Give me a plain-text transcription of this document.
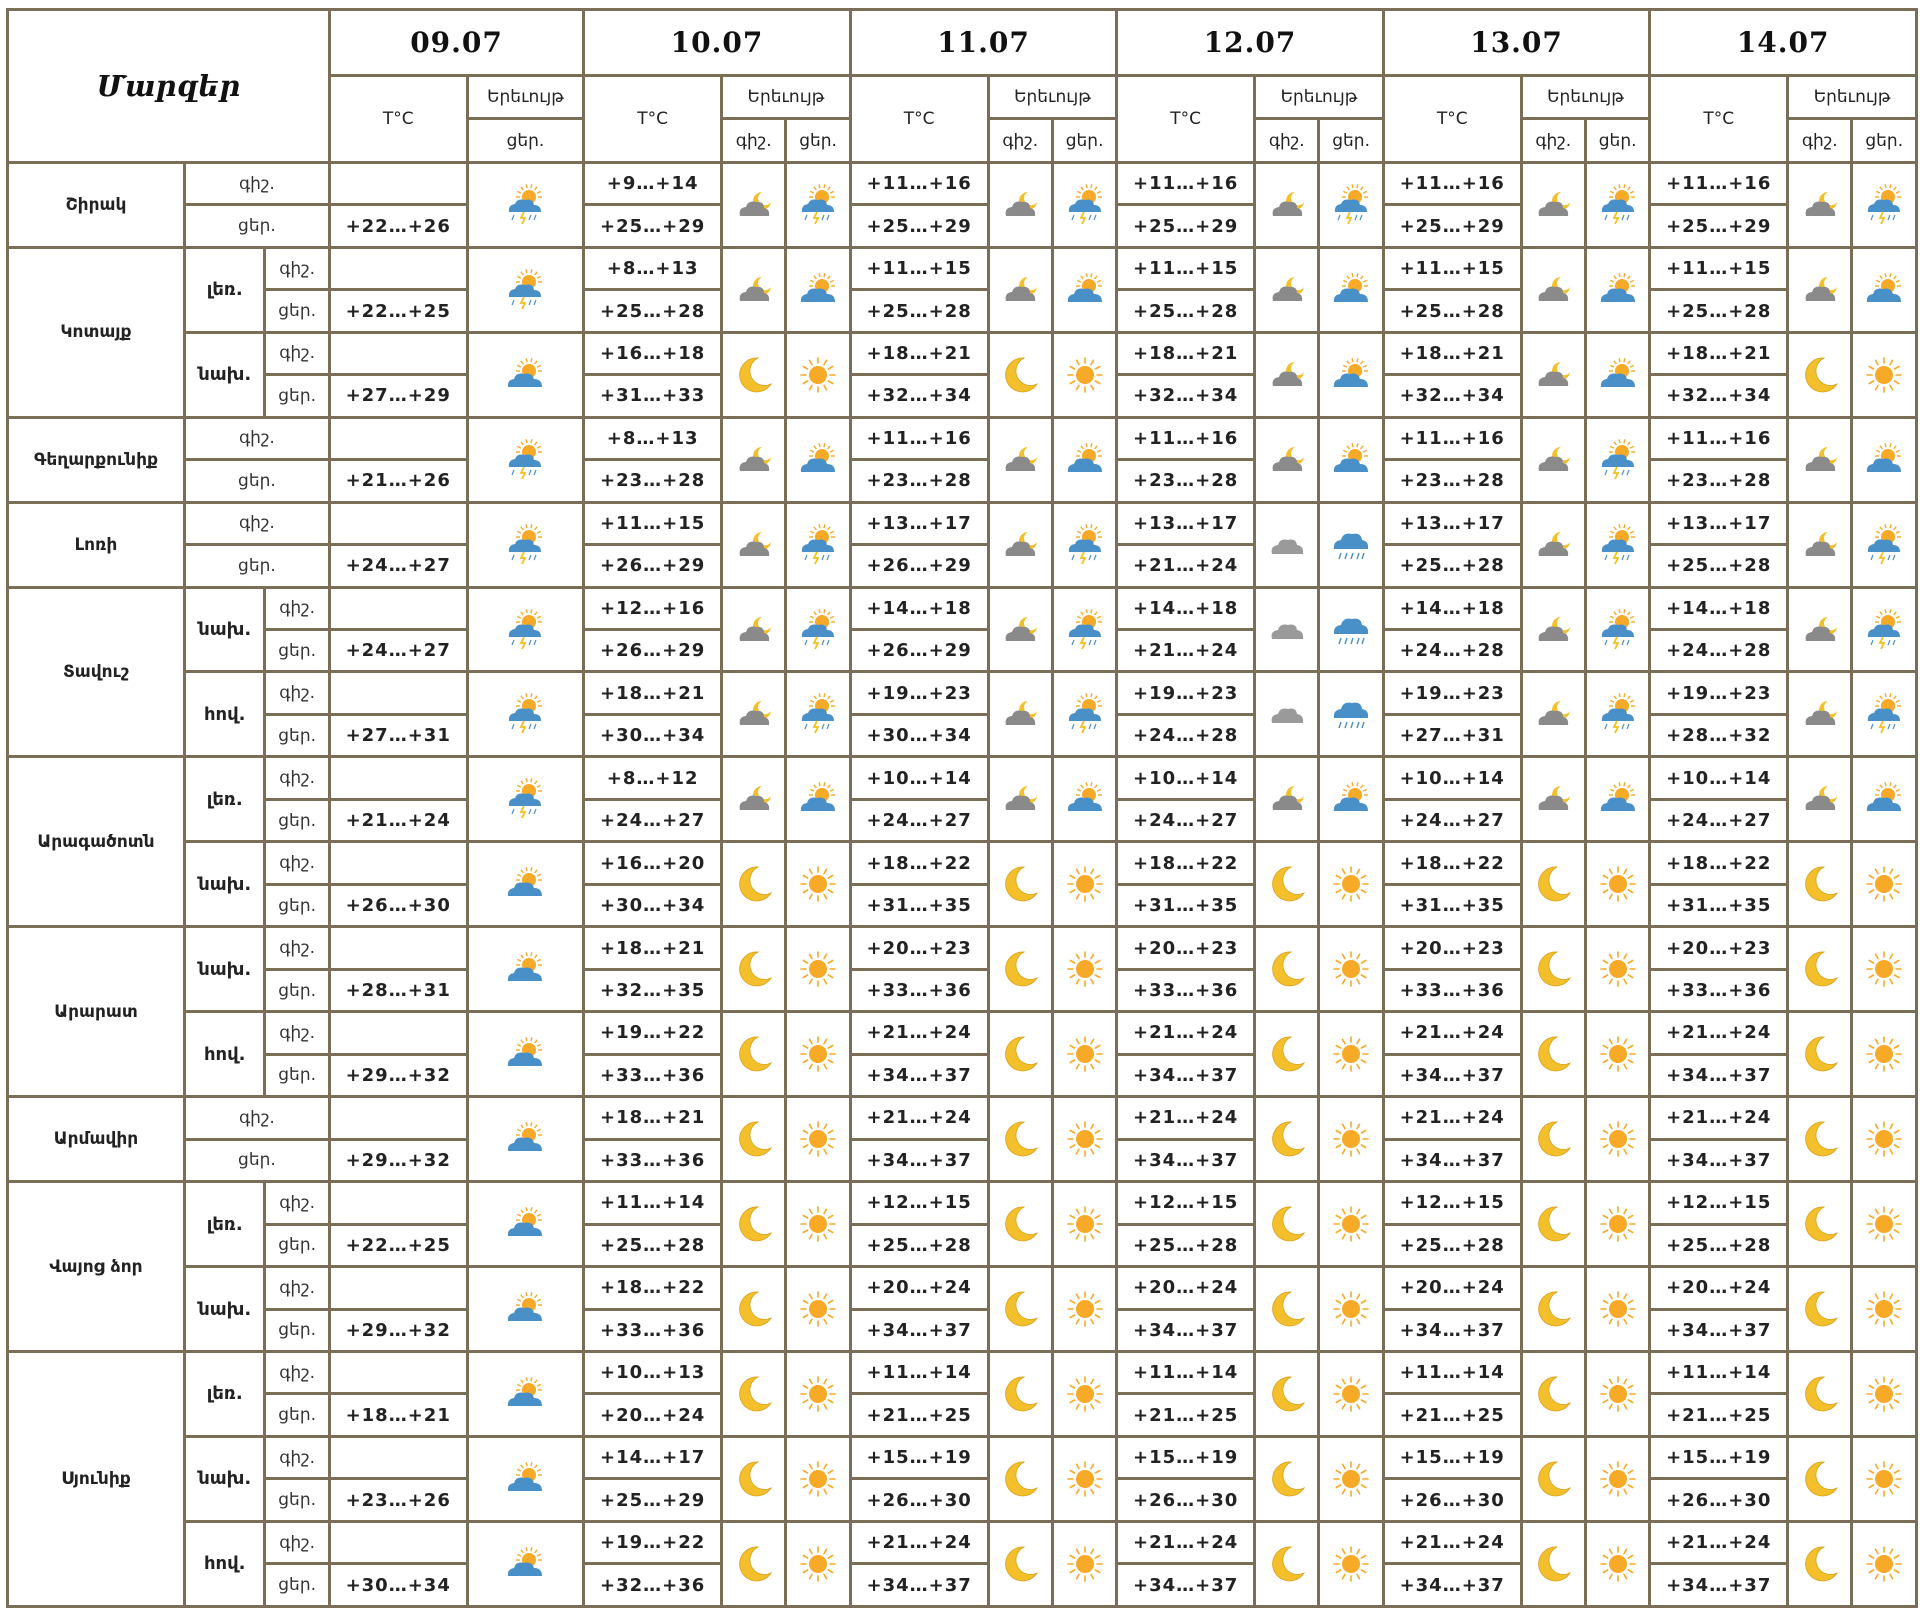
Մարզեր			09.07		10.07			11.07			12.07			13.07			14.07		
			T°C	Երեւույթ	T°C	Երեւույթ		T°C	Երեւույթ		T°C	Երեւույթ		T°C	Երեւույթ		T°C	Երեւույթ	
				ցեր.		գիշ.	ցեր.		գիշ.	ցեր.		գիշ.	ցեր.		գիշ.	ցեր.		գիշ.	ցեր.
Շիրակ	գիշ.				+9…+14			+11…+16			+11…+16			+11…+16			+11…+16	

	ցեր.		+22…+26		+25…+29			+25…+29			+25…+29			+25…+29			+25…+29		
Կոտայք	լեռ.	գիշ.			+8…+13			+11…+15			+11…+15			+11…+15			+11…+15	

		ցեր.	+22…+25		+25…+28			+25…+28			+25…+28			+25…+28			+25…+28		
	նախ.	գիշ.			+16…+18			+18…+21			+18…+21			+18…+21			+18…+21	

		ցեր.	+27…+29		+31…+33			+32…+34			+32…+34			+32…+34			+32…+34		
Գեղարքունիք	գիշ.				+8…+13			+11…+16			+11…+16			+11…+16			+11…+16	

	ցեր.		+21…+26		+23…+28			+23…+28			+23…+28			+23…+28			+23…+28		
Լոռի	գիշ.				+11…+15			+13…+17			+13…+17			+13…+17			+13…+17	

	ցեր.		+24…+27		+26…+29			+26…+29			+21…+24			+25…+28			+25…+28		
Տավուշ	նախ.	գիշ.			+12…+16			+14…+18			+14…+18			+14…+18			+14…+18	

		ցեր.	+24…+27		+26…+29			+26…+29			+21…+24			+24…+28			+24…+28		
	հով.	գիշ.			+18…+21			+19…+23			+19…+23			+19…+23			+19…+23	

		ցեր.	+27…+31		+30…+34			+30…+34			+24…+28			+27…+31			+28…+32		
Արագածոտն	լեռ.	գիշ.			+8…+12			+10…+14			+10…+14			+10…+14			+10…+14	

		ցեր.	+21…+24		+24…+27			+24…+27			+24…+27			+24…+27			+24…+27		
	նախ.	գիշ.			+16…+20			+18…+22			+18…+22			+18…+22			+18…+22	

		ցեր.	+26…+30		+30…+34			+31…+35			+31…+35			+31…+35			+31…+35		
Արարատ	նախ.	գիշ.			+18…+21			+20…+23			+20…+23			+20…+23			+20…+23	

		ցեր.	+28…+31		+32…+35			+33…+36			+33…+36			+33…+36			+33…+36		
	հով.	գիշ.			+19…+22			+21…+24			+21…+24			+21…+24			+21…+24	

		ցեր.	+29…+32		+33…+36			+34…+37			+34…+37			+34…+37			+34…+37		
Արմավիր	գիշ.				+18…+21			+21…+24			+21…+24			+21…+24			+21…+24	

	ցեր.		+29…+32		+33…+36			+34…+37			+34…+37			+34…+37			+34…+37		
Վայոց ձոր	լեռ.	գիշ.			+11…+14			+12…+15			+12…+15			+12…+15			+12…+15	

		ցեր.	+22…+25		+25…+28			+25…+28			+25…+28			+25…+28			+25…+28		
	նախ.	գիշ.			+18…+22			+20…+24			+20…+24			+20…+24			+20…+24	

		ցեր.	+29…+32		+33…+36			+34…+37			+34…+37			+34…+37			+34…+37		
Սյունիք	լեռ.	գիշ.			+10…+13			+11…+14			+11…+14			+11…+14			+11…+14	

		ցեր.	+18…+21		+20…+24			+21…+25			+21…+25			+21…+25			+21…+25		
	նախ.	գիշ.			+14…+17			+15…+19			+15…+19			+15…+19			+15…+19	

		ցեր.	+23…+26		+25…+29			+26…+30			+26…+30			+26…+30			+26…+30		
	հով.	գիշ.			+19…+22			+21…+24			+21…+24			+21…+24			+21…+24	

		ցեր.	+30…+34		+32…+36			+34…+37			+34…+37			+34…+37			+34…+37		
